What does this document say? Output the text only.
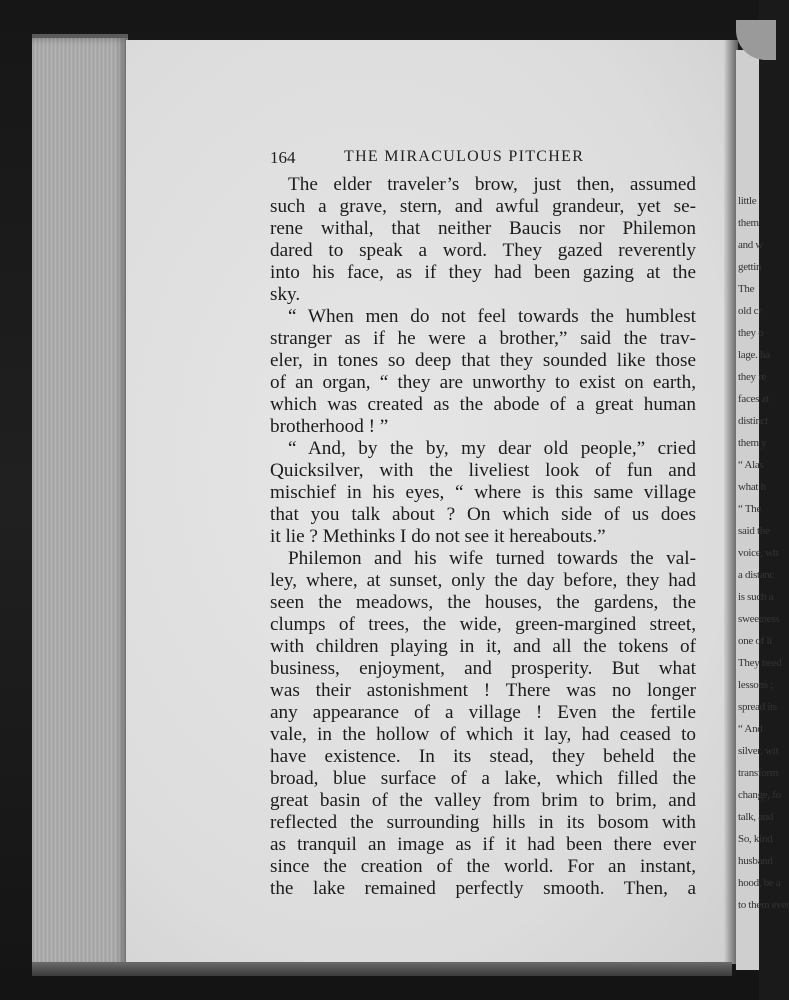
little
them
and w
gettin
The
old cr
they o
lage. ha
they re
faces at
distinct
them y
“ Alas
what h
“ The
said the
voice, wh
a distanc
is such a
sweetness
one of li
They need
lessons ;
spread its
“ And
silver, wit
transform
change, fo
talk, and
So, kind
husband
hood, be a
to them ever
164	THE MIRACULOUS PITCHER
The elder traveler’s brow, just then, assumed
such a grave, stern, and awful grandeur, yet se-
rene withal, that neither Baucis nor Philemon
dared to speak a word. They gazed reverently
into his face, as if they had been gazing at the
sky.
“ When men do not feel towards the humblest
stranger as if he were a brother,” said the trav-
eler, in tones so deep that they sounded like those
of an organ, “ they are unworthy to exist on earth,
which was created as the abode of a great human
brotherhood ! ”
“ And, by the by, my dear old people,” cried
Quicksilver, with the liveliest look of fun and
mischief in his eyes, “ where is this same village
that you talk about ? On which side of us does
it lie ? Methinks I do not see it hereabouts.”
Philemon and his wife turned towards the val-
ley, where, at sunset, only the day before, they had
seen the meadows, the houses, the gardens, the
clumps of trees, the wide, green-margined street,
with children playing in it, and all the tokens of
business, enjoyment, and prosperity. But what
was their astonishment ! There was no longer
any appearance of a village ! Even the fertile
vale, in the hollow of which it lay, had ceased to
have existence. In its stead, they beheld the
broad, blue surface of a lake, which filled the
great basin of the valley from brim to brim, and
reflected the surrounding hills in its bosom with
as tranquil an image as if it had been there ever
since the creation of the world. For an instant,
the lake remained perfectly smooth. Then, a
